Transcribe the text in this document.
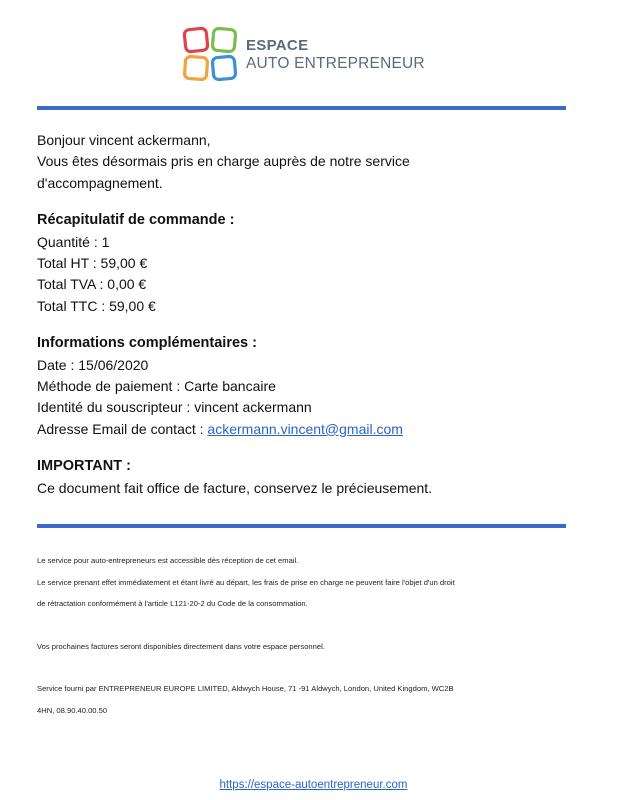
ESPACE
AUTO ENTREPRENEUR

Bonjour vincent ackermann,

Vous êtes désormais pris en charge auprès de notre service

d'accompagnement.

Récapitulatif de commande :

Quantité : 1

Total HT : 59,00 €

Total TVA : 0,00 €

Total TTC : 59,00 €

Informations complémentaires :

Date : 15/06/2020

Méthode de paiement : Carte bancaire

Identité du souscripteur : vincent ackermann

Adresse Email de contact : ackermann.vincent@gmail.com

IMPORTANT :

Ce document fait office de facture, conservez le précieusement.

Le service pour auto-entrepreneurs est accessible dès réception de cet email.

Le service prenant effet immédiatement et étant livré au départ, les frais de prise en charge ne peuvent faire l'objet d'un droit

de rétractation conformément à l'article L121-20-2 du Code de la consommation.

Vos prochaines factures seront disponibles directement dans votre espace personnel.

Service fourni par ENTREPRENEUR EUROPE LIMITED, Aldwych House, 71 -91 Aldwych, London, United Kingdom, WC2B

4HN, 08.90.40.00.50

https://espace-autoentrepreneur.com
